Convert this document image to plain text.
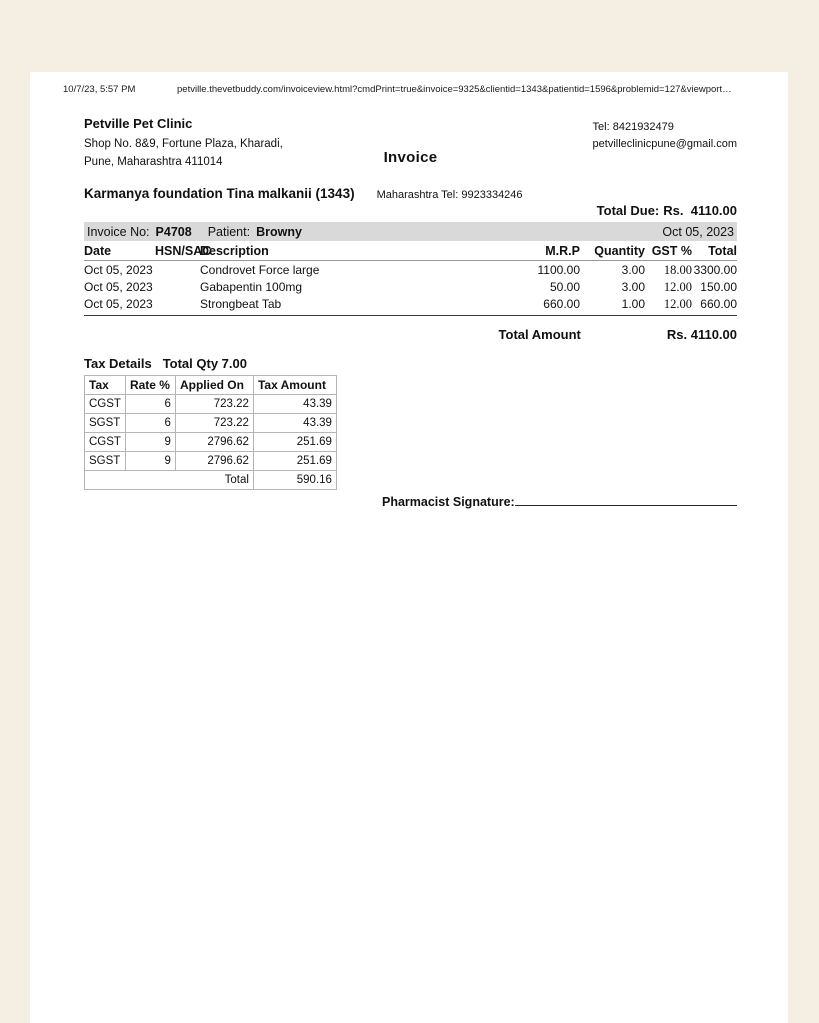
10/7/23, 5:57 PM	petville.thevetbuddy.com/invoiceview.html?cmdPrint=true&invoice=9325&clientid=1343&patientid=1596&problemid=127&viewport…
Petville Pet Clinic
Shop No. 8&9, Fortune Plaza, Kharadi,
Pune, Maharashtra 411014	Invoice
Tel: 8421932479
petvilleclinicpune@gmail.com
Karmanya foundation Tina malkanii (1343) Maharashtra Tel: 9923334246
Total Due: Rs.  4110.00
Invoice No: P4708 Patient: Browny	Oct 05, 2023
Date	HSN/SAC	Description	M.R.P	Quantity	GST %	Total
Oct 05, 2023		Condrovet Force large	1100.00	3.00	18.00	3300.00
Oct 05, 2023		Gabapentin 100mg	50.00	3.00	12.00	150.00
Oct 05, 2023		Strongbeat Tab	660.00	1.00	12.00	660.00
Total Amount	Rs. 4110.00
Tax Details Total Qty 7.00
Tax	Rate %	Applied On	Tax Amount
CGST	6	723.22	43.39
SGST	6	723.22	43.39
CGST	9	2796.62	251.69
SGST	9	2796.62	251.69
Total			590.16
Pharmacist Signature:
